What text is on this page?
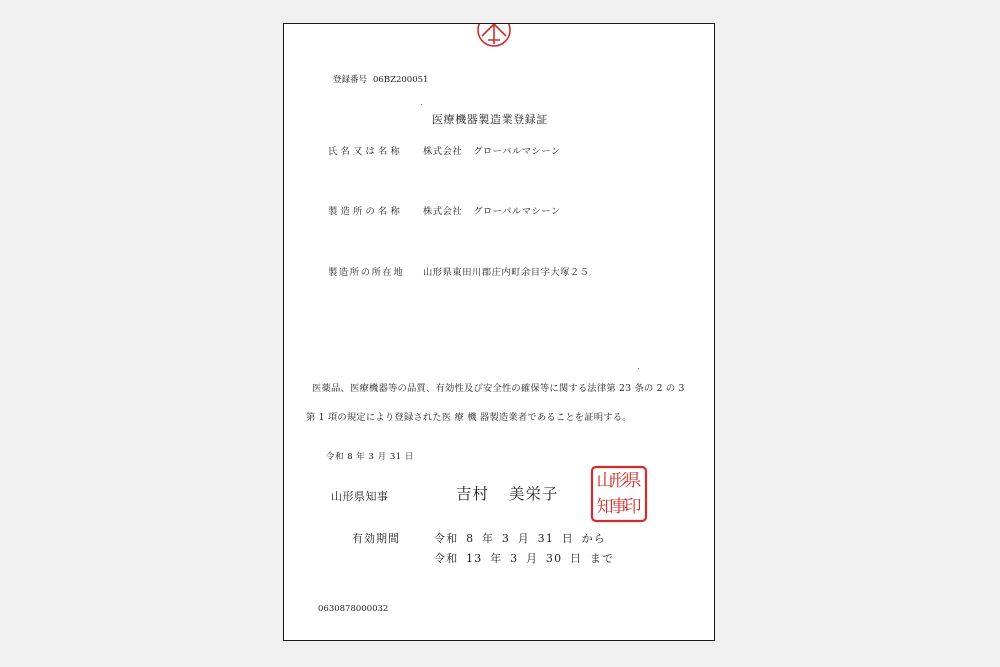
登録番号 06BZ200051
医療機器製造業登録証
氏名又は名称 株式会社 グローバルマシーン
製造所の名称 株式会社 グローバルマシーン
製造所の所在地 山形県東田川郡庄内町余目字大塚２５
医薬品、医療機器等の品質、有効性及び安全性の確保等に関する法律第 23 条の 2 の 3
第 1 項の規定により登録された医 療 機 器製造業者であることを証明する。
令和 8 年 3 月 31 日
山形県知事	吉村 美栄子
県
形
山
印
事
知
有効期間	令和 8 年 3 月 31 日 から
令和 13 年 3 月 30 日 まで
0630878000032
